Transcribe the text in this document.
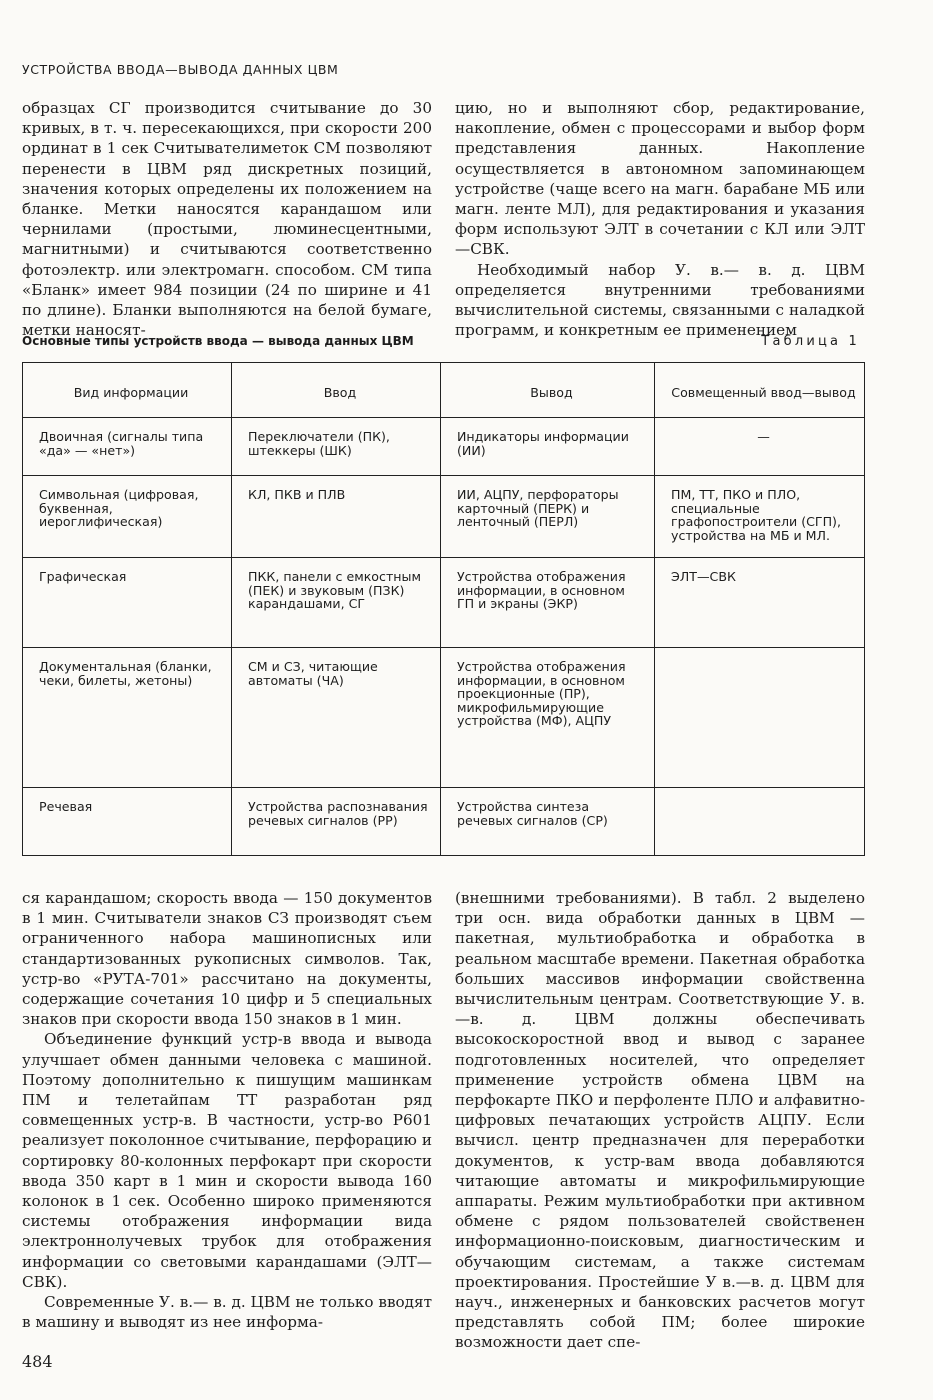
УСТРОЙСТВА ВВОДА—ВЫВОДА ДАННЫХ ЦВМ

образцах СГ производится считывание до 30 кривых, в т. ч. пересекающихся, при скорости 200 ординат в 1 сек Считывателиметок СМ позволяют перенести в ЦВМ ряд дискретных позиций, значения которых определены их положением на бланке. Метки наносятся карандашом или чернилами (простыми, люминесцентными, магнитными) и считываются соответственно фотоэлектр. или электромагн. способом. СМ типа «Бланк» имеет 984 позиции (24 по ширине и 41 по длине). Бланки выполняются на белой бумаге, метки наносят-

цию, но и выполняют сбор, редактирование, накопление, обмен с процессорами и выбор форм представления данных. Накопление осуществляется в автономном запоминающем устройстве (чаще всего на магн. барабане МБ или магн. ленте МЛ), для редактирования и указания форм используют ЭЛТ в сочетании с КЛ или ЭЛТ—СВК.

Необходимый набор У. в.— в. д. ЦВМ определяется внутренними требованиями вычислительной системы, связанными с наладкой программ, и конкретным ее применением

Основные типы устройств ввода — вывода данных ЦВМ	Таблица 1
Вид информации	Ввод	Вывод	Совмещенный ввод—вывод
Двоичная (сигналы типа «да» — «нет»)	Переключатели (ПК), штеккеры (ШК)	Индикаторы информации (ИИ)	—
Символьная (цифровая, буквенная, иероглифическая)	КЛ, ПКВ и ПЛВ	ИИ, АЦПУ, перфораторы карточный (ПЕРК) и ленточный (ПЕРЛ)	ПМ, ТТ, ПКО и ПЛО, специальные графопостроители (СГП), устройства на МБ и МЛ.
Графическая	ПКК, панели с емкостным (ПЕК) и звуковым (ПЗК) карандашами, СГ	Устройства отображения информации, в основном ГП и экраны (ЭКР)	ЭЛТ—СВК
Документальная (бланки, чеки, билеты, жетоны)	СМ и СЗ, читающие автоматы (ЧА)	Устройства отображения информации, в основном проекционные (ПР), микрофильмирующие устройства (МФ), АЦПУ	
Речевая	Устройства распознавания речевых сигналов (РР)	Устройства синтеза речевых сигналов (СР)	

ся карандашом; скорость ввода — 150 документов в 1 мин. Считыватели знаков СЗ производят съем ограниченного набора машинописных или стандартизованных рукописных символов. Так, устр-во «РУТА-701» рассчитано на документы, содержащие сочетания 10 цифр и 5 специальных знаков при скорости ввода 150 знаков в 1 мин.

Объединение функций устр-в ввода и вывода улучшает обмен данными человека с машиной. Поэтому дополнительно к пишущим машинкам ПМ и телетайпам ТТ разработан ряд совмещенных устр-в. В частности, устр-во Р601 реализует поколонное считывание, перфорацию и сортировку 80-колонных перфокарт при скорости ввода 350 карт в 1 мин и скорости вывода 160 колонок в 1 сек. Особенно широко применяются системы отображения информации вида электроннолучевых трубок для отображения информации со световыми карандашами (ЭЛТ—СВК).

Современные У. в.— в. д. ЦВМ не только вводят в машину и выводят из нее информа-

(внешними требованиями). В табл. 2 выделено три осн. вида обработки данных в ЦВМ — пакетная, мультиобработка и обработка в реальном масштабе времени. Пакетная обработка больших массивов информации свойственна вычислительным центрам. Соответствующие У. в.—в. д. ЦВМ должны обеспечивать высокоскоростной ввод и вывод с заранее подготовленных носителей, что определяет применение устройств обмена ЦВМ на перфокарте ПКО и перфоленте ПЛО и алфавитно-цифровых печатающих устройств АЦПУ. Если вычисл. центр предназначен для переработки документов, к устр-вам ввода добавляются читающие автоматы и микрофильмирующие аппараты. Режим мультиобработки при активном обмене с рядом пользователей свойственен информационно-поисковым, диагностическим и обучающим системам, а также системам проектирования. Простейшие У в.—в. д. ЦВМ для науч., инженерных и банковских расчетов могут представлять собой ПМ; более широкие возможности дает спе-

484
